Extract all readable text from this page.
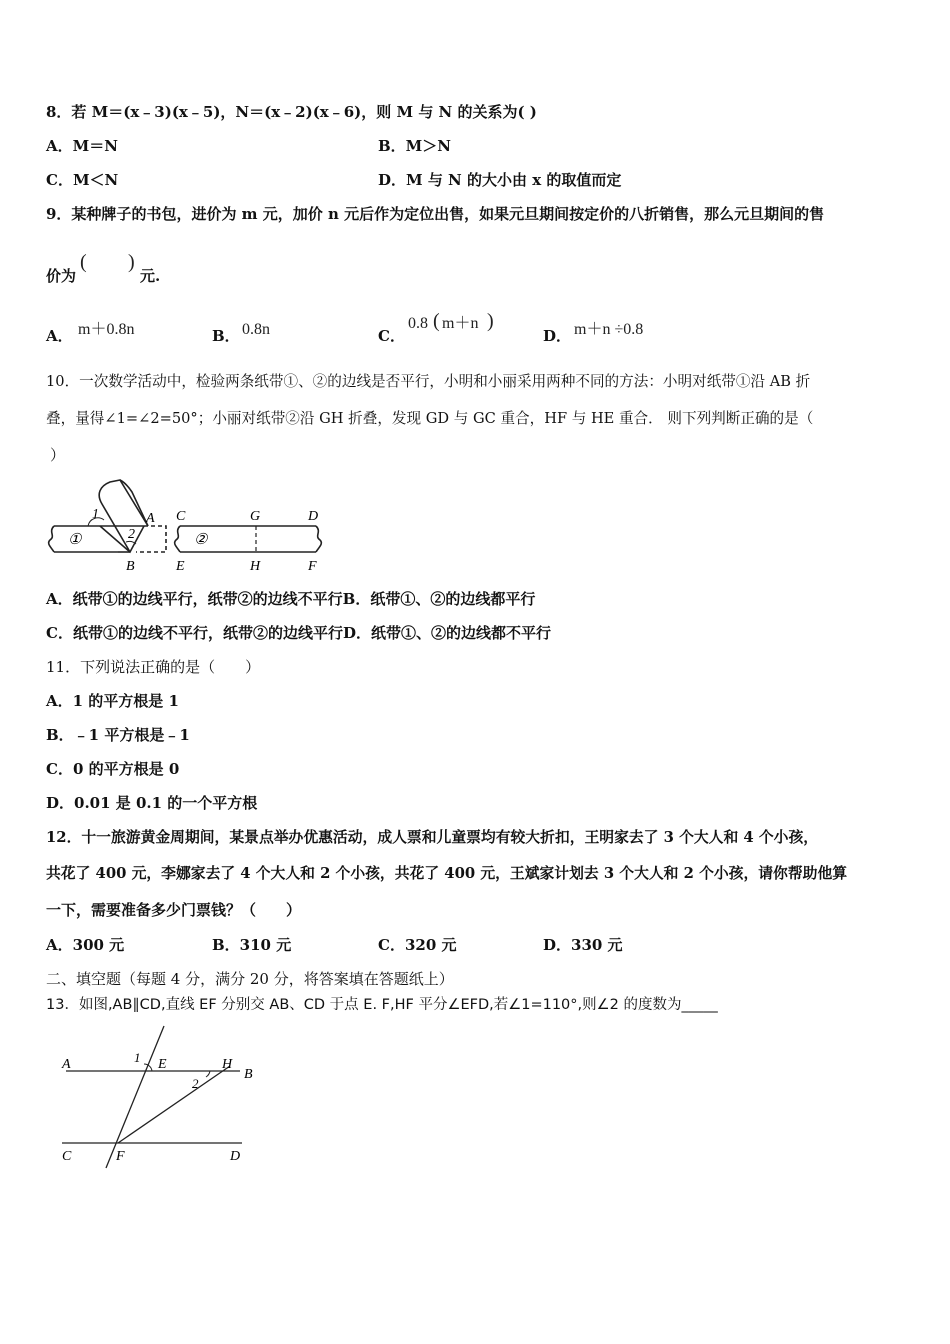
8．若 M＝(x﹣3)(x﹣5)，N＝(x﹣2)(x﹣6)，则 M 与 N 的关系为( )
A．M＝N	B．M＞N
C．M＜N	D．M 与 N 的大小由 x 的取值而定
9．某种牌子的书包，进价为 m 元，加价 n 元后作为定位出售，如果元旦期间按定价的八折销售，那么元旦期间的售
价为
( )
元.
A． m＋0.8n	B． 0.8n	C．
0.8 ( m＋n )
D． m＋n ÷0.8
10．一次数学活动中，检验两条纸带①、②的边线是否平行，小明和小丽采用两种不同的方法：小明对纸带①沿 AB 折
叠，量得∠1=∠2=50°；小丽对纸带②沿 GH 折叠，发现 GD 与 GC 重合，HF 与 HE 重合． 则下列判断正确的是（
）
1
2
A
B
①	②
C	G	D
E	H	F
A．纸带①的边线平行，纸带②的边线不平行B．纸带①、②的边线都平行
C．纸带①的边线不平行，纸带②的边线平行D．纸带①、②的边线都不平行
11．下列说法正确的是（　　）
A．1 的平方根是 1
B．﹣1 平方根是﹣1
C．0 的平方根是 0
D．0.01 是 0.1 的一个平方根
12．十一旅游黄金周期间，某景点举办优惠活动，成人票和儿童票均有较大折扣，王明家去了 3 个大人和 4 个小孩，
共花了 400 元，李娜家去了 4 个大人和 2 个小孩，共花了 400 元，王斌家计划去 3 个大人和 2 个小孩，请你帮助他算
一下，需要准备多少门票钱？（　　）
A．300 元	B．310 元	C．320 元	D．330 元
二、填空题（每题 4 分，满分 20 分，将答案填在答题纸上）
13．如图,AB∥CD,直线 EF 分别交 AB、CD 于点 E. F,HF 平分∠EFD,若∠1=110°,则∠2 的度数为_____
A
B
C	D
E
F
H
1
2
